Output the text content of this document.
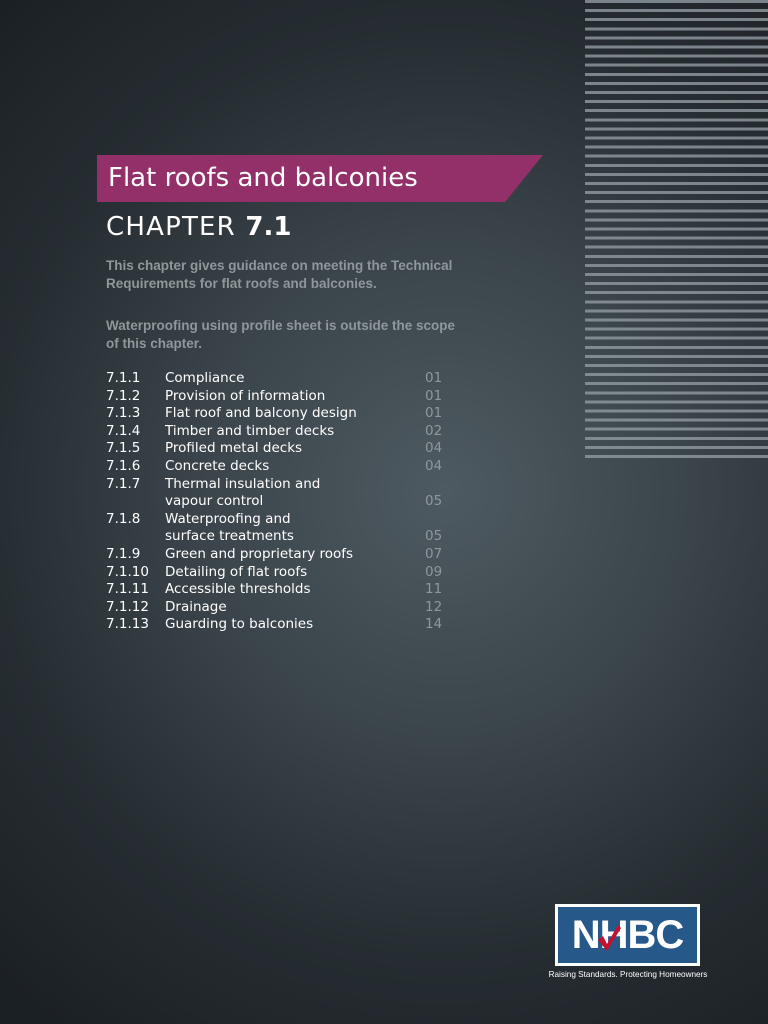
Flat roofs and balconies
CHAPTER 7.1

This chapter gives guidance on meeting the Technical Requirements for flat roofs and balconies.

Waterproofing using profile sheet is outside the scope of this chapter.

7.1.1	Compliance	01
7.1.2	Provision of information	01
7.1.3	Flat roof and balcony design	01
7.1.4	Timber and timber decks	02
7.1.5	Profiled metal decks	04
7.1.6	Concrete decks	04
7.1.7	Thermal insulation and
vapour control	05
7.1.8	Waterproofing and
surface treatments	05
7.1.9	Green and proprietary roofs	07
7.1.10	Detailing of flat roofs	09
7.1.11	Accessible thresholds	11
7.1.12	Drainage	12
7.1.13	Guarding to balconies	14
NHBC
Raising Standards. Protecting Homeowners
